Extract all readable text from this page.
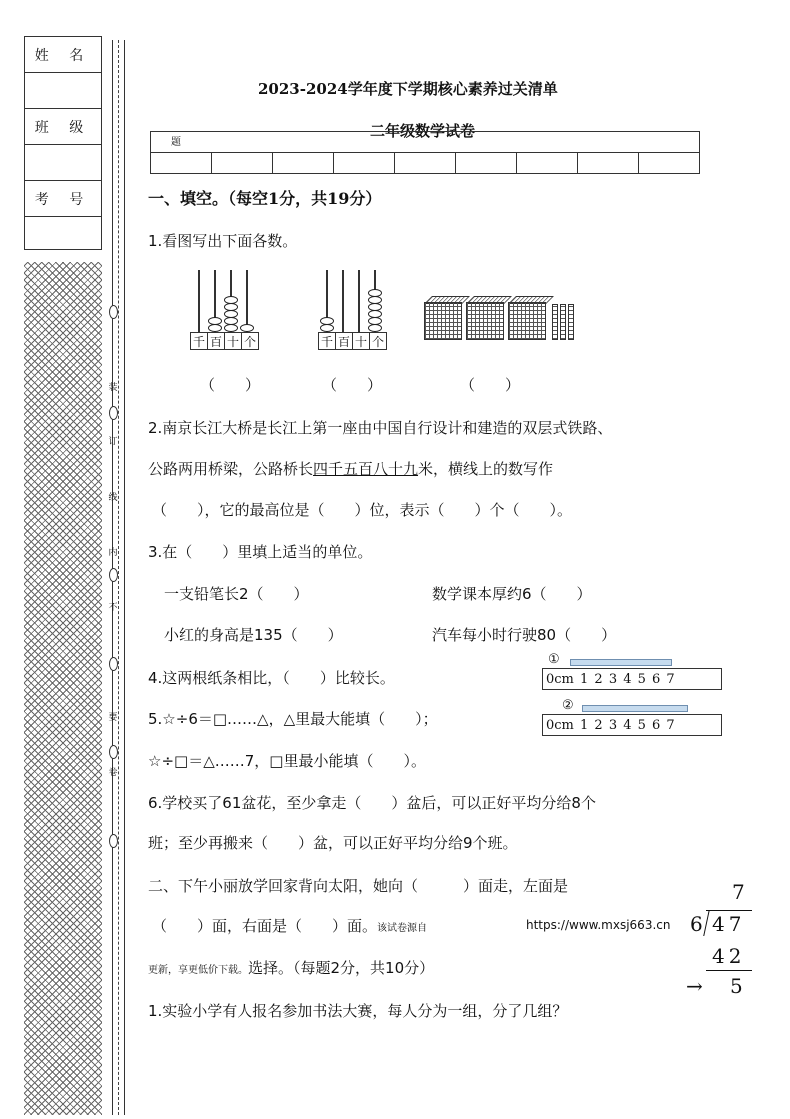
姓 名
班 级
考 号
装
订
线
内
不
要
卷
2023-2024学年度下学期核心素养过关清单
二年级数学试卷
题								

一、填空。（每空1分，共19分）
1.看图写出下面各数。
千 百 十 个	千 百 十 个
（　　）	（　　）	（　　）
2.南京长江大桥是长江上第一座由中国自行设计和建造的双层式铁路、
公路两用桥梁，公路桥长四千五百八十九米，横线上的数写作
（　　），它的最高位是（　　）位，表示（　　）个（　　）。
3.在（　　）里填上适当的单位。
一支铅笔长2（　　）	数学课本厚约6（　　）
小红的身高是135（　　）	汽车每小时行驶80（　　）
4.这两根纸条相比，（　　）比较长。
①
0cm 1 2 3 4 5 6 7
②
0cm 1 2 3 4 5 6 7
5.☆÷6＝□……△，△里最大能填（　　）；
☆÷□＝△……7，□里最小能填（　　）。
6.学校买了61盆花，至少拿走（　　）盆后，可以正好平均分给8个
班；至少再搬来（　　）盆，可以正好平均分给9个班。
二、下午小丽放学回家背向太阳，她向（　　　）面走，左面是
（　　）面，右面是（　　）面。该试卷源自	https://www.mxsj663.cn
更新，享更低价下载。选择。（每题2分，共10分）
1.实验小学有人报名参加书法大赛，每人分为一组，分了几组？
7
6 47
42
→ 5
